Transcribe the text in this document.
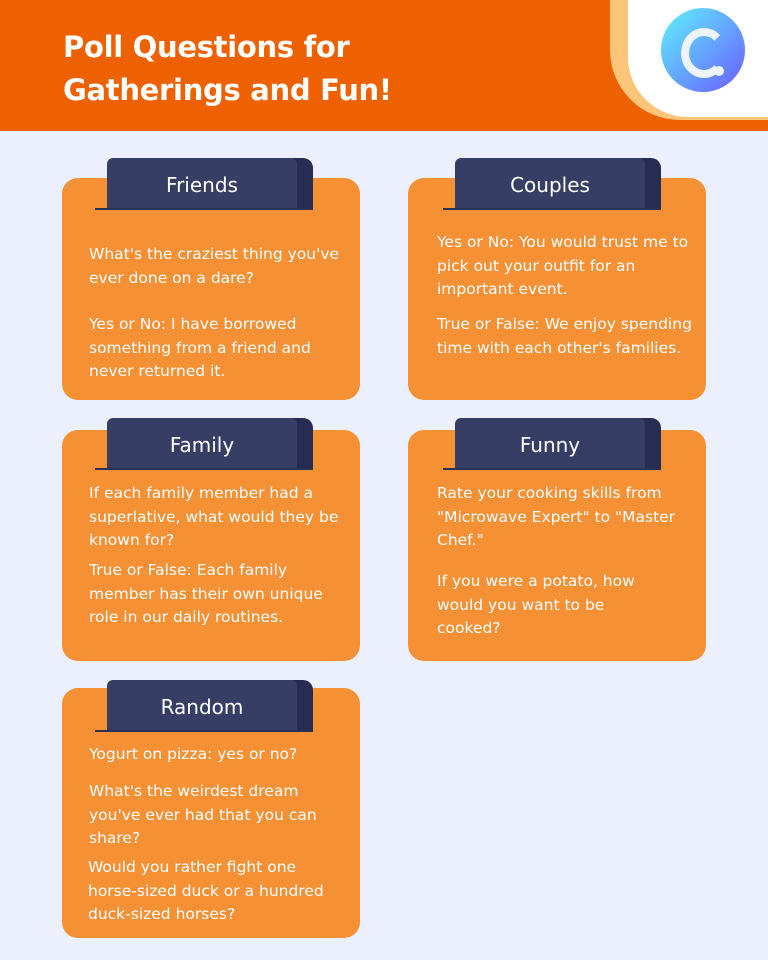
Poll Questions for
Gatherings and Fun!
Friends
What's the craziest thing you've ever done on a dare?
Yes or No: I have borrowed something from a friend and never returned it.
Couples
Yes or No: You would trust me to pick out your outfit for an important event.
True or False: We enjoy spending time with each other's families.
Family
If each family member had a superlative, what would they be known for?
True or False: Each family member has their own unique role in our daily routines.
Funny
Rate your cooking skills from "Microwave Expert" to "Master Chef."
If you were a potato, how would you want to be cooked?
Random
Yogurt on pizza: yes or no?
What's the weirdest dream you've ever had that you can share?
Would you rather fight one horse-sized duck or a hundred duck-sized horses?
